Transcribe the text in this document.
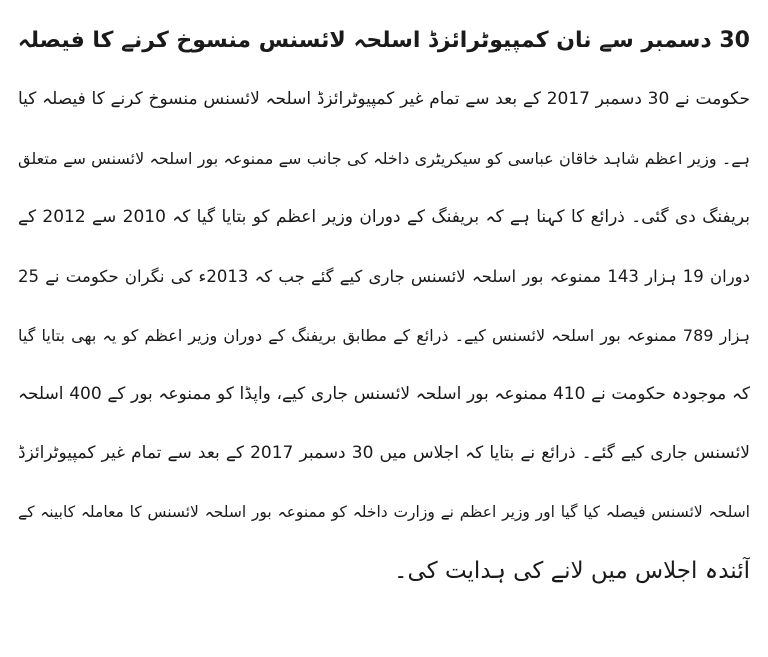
30 دسمبر سے نان کمپیوٹرائزڈ اسلحہ لائسنس منسوخ کرنے کا فیصلہ
حکومت نے 30 دسمبر 2017 کے بعد سے تمام غیر کمپیوٹرائزڈ اسلحہ لائسنس منسوخ کرنے کا فیصلہ کیا
ہے۔ وزیر اعظم شاہد خاقان عباسی کو سیکریٹری داخلہ کی جانب سے ممنوعہ بور اسلحہ لائسنس سے متعلق
بریفنگ دی گئی۔ ذرائع کا کہنا ہے کہ بریفنگ کے دوران وزیر اعظم کو بتایا گیا کہ 2010 سے 2012 کے
دوران 19 ہزار 143 ممنوعہ بور اسلحہ لائسنس جاری کیے گئے جب کہ 2013ء کی نگران حکومت نے 25
ہزار 789 ممنوعہ بور اسلحہ لائسنس کیے۔ ذرائع کے مطابق بریفنگ کے دوران وزیر اعظم کو یہ بھی بتایا گیا
کہ موجودہ حکومت نے 410 ممنوعہ بور اسلحہ لائسنس جاری کیے، واپڈا کو ممنوعہ بور کے 400 اسلحہ
لائسنس جاری کیے گئے۔ ذرائع نے بتایا کہ اجلاس میں 30 دسمبر 2017 کے بعد سے تمام غیر کمپیوٹرائزڈ
اسلحہ لائسنس فیصلہ کیا گیا اور وزیر اعظم نے وزارت داخلہ کو ممنوعہ بور اسلحہ لائسنس کا معاملہ کابینہ کے
آئندہ اجلاس میں لانے کی ہدایت کی۔
